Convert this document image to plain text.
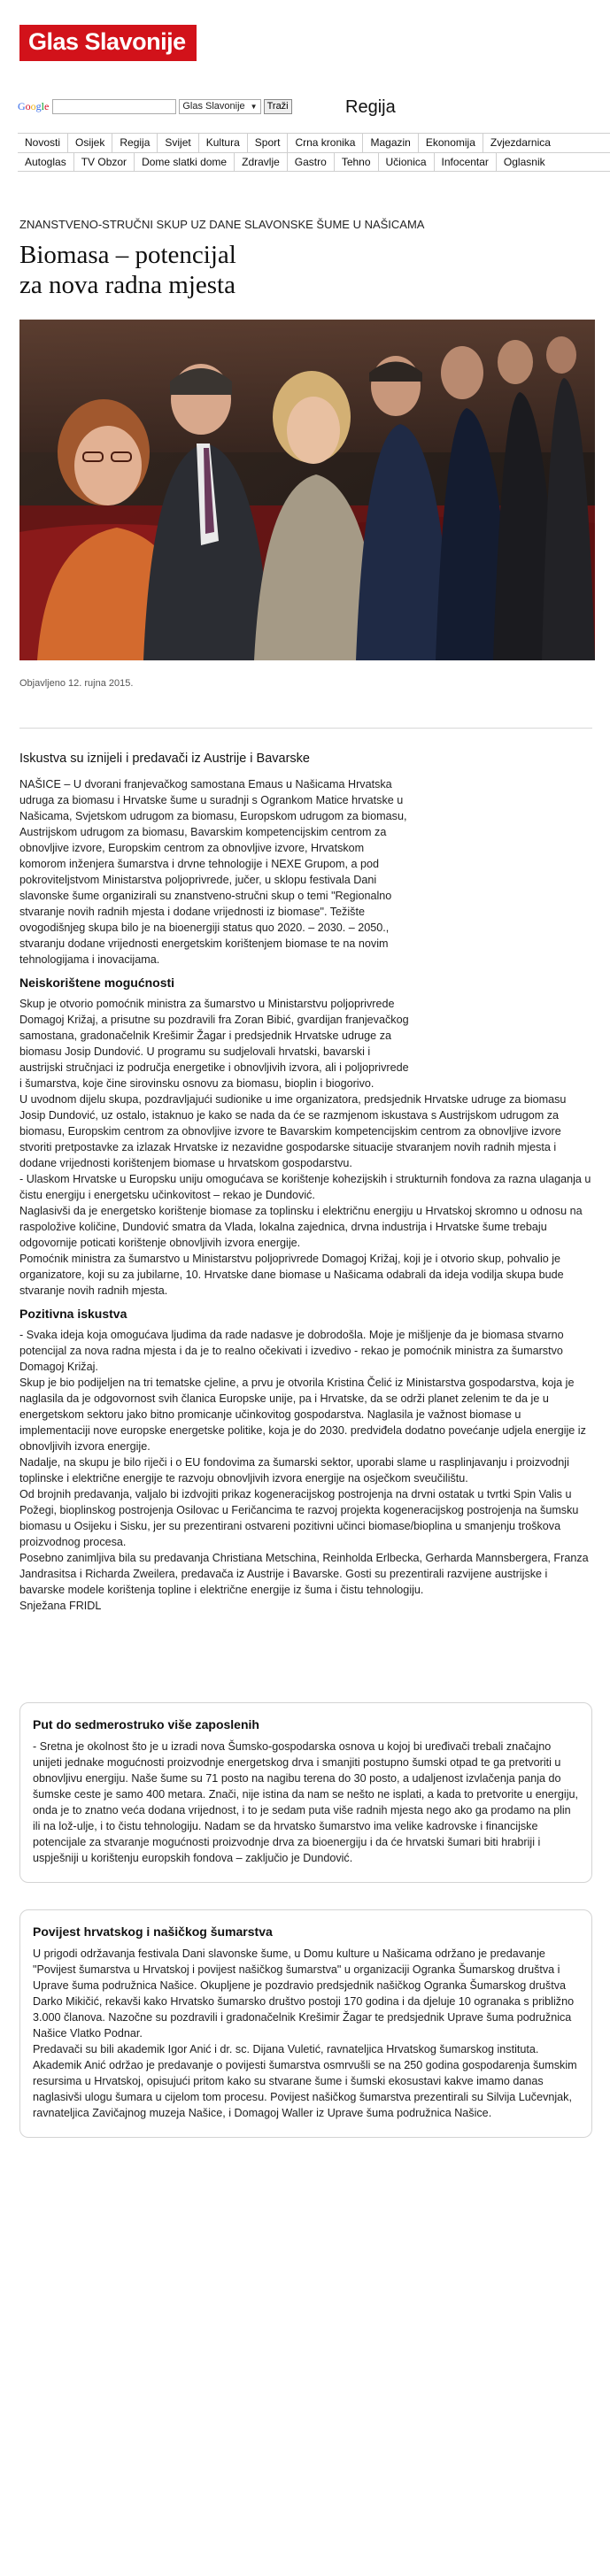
Glas Slavonije
Google	Glas Slavonije ▼	Traži	Regija
Novosti	Osijek	Regija	Svijet	Kultura	Sport	Crna kronika	Magazin	Ekonomija	Zvjezdarnica
Autoglas	TV Obzor	Dome slatki dome	Zdravlje	Gastro	Tehno	Učionica	Infocentar	Oglasnik
ZNANSTVENO-STRUČNI SKUP UZ DANE SLAVONSKE ŠUME U NAŠICAMA
Biomasa – potencijal
za nova radna mjesta
Objavljeno 12. rujna 2015.
Iskustva su iznijeli i predavači iz Austrije i Bavarske

NAŠICE – U dvorani franjevačkog samostana Emaus u Našicama Hrvatska udruga za biomasu i Hrvatske šume u suradnji s Ogrankom Matice hrvatske u Našicama, Svjetskom udrugom za biomasu, Europskom udrugom za biomasu, Austrijskom udrugom za biomasu, Bavarskim kompetencijskim centrom za obnovljive izvore, Europskim centrom za obnovljive izvore, Hrvatskom komorom inženjera šumarstva i drvne tehnologije i NEXE Grupom, a pod pokroviteljstvom Ministarstva poljoprivrede, jučer, u sklopu festivala Dani slavonske šume organizirali su znanstveno-stručni skup o temi "Regionalno stvaranje novih radnih mjesta i dodane vrijednosti iz biomase". Težište ovogodišnjeg skupa bilo je na bioenergiji status quo 2020. – 2030. – 2050., stvaranju dodane vrijednosti energetskim korištenjem biomase te na novim tehnologijama i inovacijama.

Neiskorištene mogućnosti

Skup je otvorio pomoćnik ministra za šumarstvo u Ministarstvu poljoprivrede Domagoj Križaj, a prisutne su pozdravili fra Zoran Bibić, gvardijan franjevačkog samostana, gradonačelnik Krešimir Žagar i predsjednik Hrvatske udruge za biomasu Josip Dundović. U programu su sudjelovali hrvatski, bavarski i austrijski stručnjaci iz područja energetike i obnovljivih izvora, ali i poljoprivrede i šumarstva, koje čine sirovinsku osnovu za biomasu, bioplin i biogorivo.

U uvodnom dijelu skupa, pozdravljajući sudionike u ime organizatora, predsjednik Hrvatske udruge za biomasu Josip Dundović, uz ostalo, istaknuo je kako se nada da će se razmjenom iskustava s Austrijskom udrugom za biomasu, Europskim centrom za obnovljive izvore te Bavarskim kompetencijskim centrom za obnovljive izvore stvoriti pretpostavke za izlazak Hrvatske iz nezavidne gospodarske situacije stvaranjem novih radnih mjesta i dodane vrijednosti korištenjem biomase u hrvatskom gospodarstvu.

- Ulaskom Hrvatske u Europsku uniju omogućava se korištenje kohezijskih i strukturnih fondova za razna ulaganja u čistu energiju i energetsku učinkovitost – rekao je Dundović.

Naglasivši da je energetsko korištenje biomase za toplinsku i električnu energiju u Hrvatskoj skromno u odnosu na raspoložive količine, Dundović smatra da Vlada, lokalna zajednica, drvna industrija i Hrvatske šume trebaju odgovornije poticati korištenje obnovljivih izvora energije.

Pomoćnik ministra za šumarstvo u Ministarstvu poljoprivrede Domagoj Križaj, koji je i otvorio skup, pohvalio je organizatore, koji su za jubilarne, 10. Hrvatske dane biomase u Našicama odabrali da ideja vodilja skupa bude stvaranje novih radnih mjesta.

Pozitivna iskustva

- Svaka ideja koja omogućava ljudima da rade nadasve je dobrodošla. Moje je mišljenje da je biomasa stvarno potencijal za nova radna mjesta i da je to realno očekivati i izvedivo - rekao je pomoćnik ministra za šumarstvo Domagoj Križaj.

Skup je bio podijeljen na tri tematske cjeline, a prvu je otvorila Kristina Čelić iz Ministarstva gospodarstva, koja je naglasila da je odgovornost svih članica Europske unije, pa i Hrvatske, da se održi planet zelenim te da je u energetskom sektoru jako bitno promicanje učinkovitog gospodarstva. Naglasila je važnost biomase u implementaciji nove europske energetske politike, koja je do 2030. predviđela dodatno povećanje udjela energije iz obnovljivih izvora energije.

Nadalje, na skupu je bilo riječi i o EU fondovima za šumarski sektor, uporabi slame u rasplinjavanju i proizvodnji toplinske i električne energije te razvoju obnovljivih izvora energije na osječkom sveučilištu.

Od brojnih predavanja, valjalo bi izdvojiti prikaz kogeneracijskog postrojenja na drvni ostatak u tvrtki Spin Valis u Požegi, bioplinskog postrojenja Osilovac u Feričancima te razvoj projekta kogeneracijskog postrojenja na šumsku biomasu u Osijeku i Sisku, jer su prezentirani ostvareni pozitivni učinci biomase/bioplina u smanjenju troškova proizvodnog procesa.

Posebno zanimljiva bila su predavanja Christiana Metschina, Reinholda Erlbecka, Gerharda Mannsbergera, Franza Jandrasitsa i Richarda Zweilera, predavača iz Austrije i Bavarske. Gosti su prezentirali razvijene austrijske i bavarske modele korištenja topline i električne energije iz šuma i čistu tehnologiju.

Snježana FRIDL

Put do sedmerostruko više zaposlenih

- Sretna je okolnost što je u izradi nova Šumsko-gospodarska osnova u kojoj bi uređivači trebali značajno unijeti jednake mogućnosti proizvodnje energetskog drva i smanjiti postupno šumski otpad te ga pretvoriti u obnovljivu energiju. Naše šume su 71 posto na nagibu terena do 30 posto, a udaljenost izvlačenja panja do šumske ceste je samo 400 metara. Znači, nije istina da nam se nešto ne isplati, a kada to pretvorite u energiju, onda je to znatno veća dodana vrijednost, i to je sedam puta više radnih mjesta nego ako ga prodamo na plin ili na lož-ulje, i to čistu tehnologiju. Nadam se da hrvatsko šumarstvo ima velike kadrovske i financijske potencijale za stvaranje mogućnosti proizvodnje drva za bioenergiju i da će hrvatski šumari biti hrabriji i uspješniji u korištenju europskih fondova – zaključio je Dundović.

Povijest hrvatskog i našičkog šumarstva

U prigodi održavanja festivala Dani slavonske šume, u Domu kulture u Našicama održano je predavanje "Povijest šumarstva u Hrvatskoj i povijest našičkog šumarstva" u organizaciji Ogranka Šumarskog društva i Uprave šuma podružnica Našice. Okupljene je pozdravio predsjednik našičkog Ogranka Šumarskog društva Darko Mikičić, rekavši kako Hrvatsko šumarsko društvo postoji 170 godina i da djeluje 10 ogranaka s približno 3.000 članova. Nazočne su pozdravili i gradonačelnik Krešimir Žagar te predsjednik Uprave šuma podružnica Našice Vlatko Podnar.

Predavači su bili akademik Igor Anić i dr. sc. Dijana Vuletić, ravnateljica Hrvatskog šumarskog instituta. Akademik Anić održao je predavanje o povijesti šumarstva osmrvušli se na 250 godina gospodarenja šumskim resursima u Hrvatskoj, opisujući pritom kako su stvarane šume i šumski ekosustavi kakve imamo danas naglasivši ulogu šumara u cijelom tom procesu. Povijest našičkog šumarstva prezentirali su Silvija Lučevnjak, ravnateljica Zavičajnog muzeja Našice, i Domagoj Waller iz Uprave šuma podružnica Našice.
